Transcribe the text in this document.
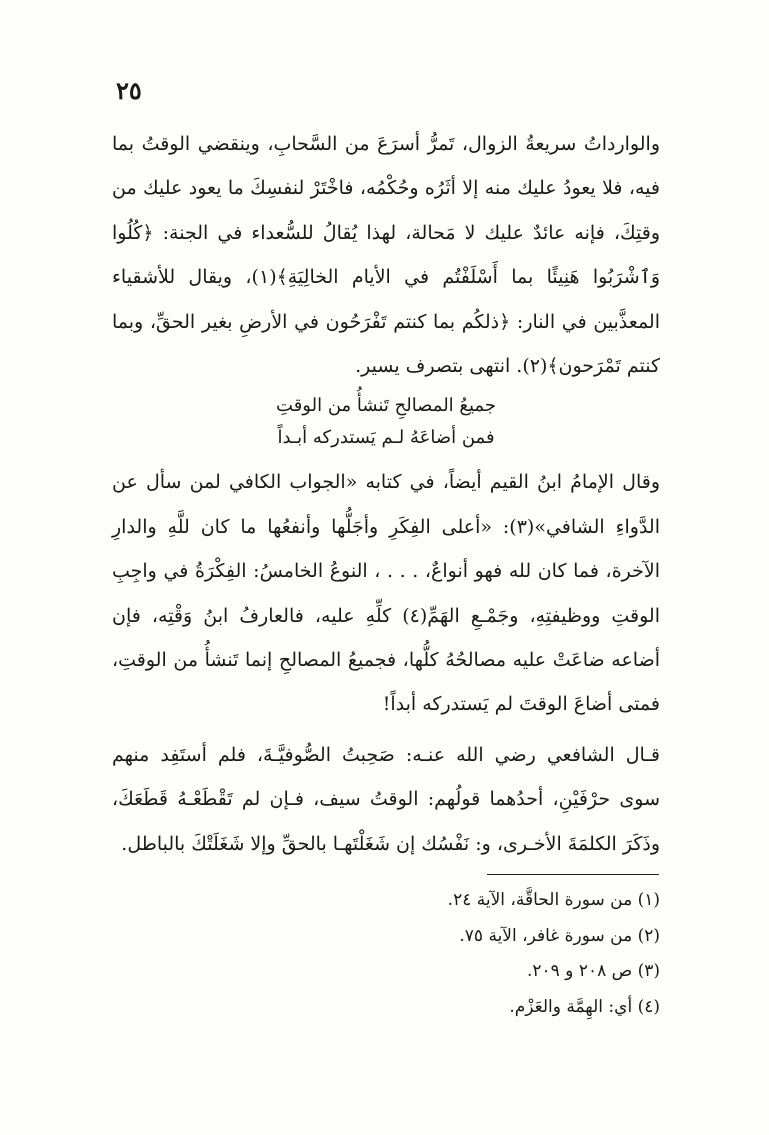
٢٥

والوارداتُ سريعةُ الزوال، تَمرُّ أسرَعَ من السَّحابِ، وينقضي الوقتُ بما فيه، فلا يعودُ عليك منه إلا أثَرُه وحُكْمُه، فاخْتَرْ لنفسِكَ ما يعود عليك من وقتِكَ، فإنه عائدٌ عليك لا مَحالة، لهذا يُقالُ للسُّعداء في الجنة: ﴿كُلُوا وَٱشْرَبُوا هَنِيئًا بما أَسْلَفْتُم في الأيام الخالِيَةِ﴾(١)، ويقال للأشقياء المعذَّبين في النار: ﴿ذلكُم بما كنتم تَفْرَحُون في الأرضِ بغير الحقِّ، وبما كنتم تَمْرَحون﴾(٢). انتهى بتصرف يسير.

جميعُ المصالحِ تَنشأُ من الوقتِ
فمن أضاعَهُ لـم يَستدركه أبـداً

وقال الإمامُ ابنُ القيم أيضاً، في كتابه «الجواب الكافي لمن سأل عن الدَّواءِ الشافي»(٣): «أعلى الفِكَرِ وأجَلُّها وأنفعُها ما كان للَّهِ والدارِ الآخرة، فما كان لله فهو أنواعٌ، . . . ، النوعُ الخامسُ: الفِكْرَةُ في واجِبِ الوقتِ ووظيفتِهِ، وجَمْـعِ الهَمِّ(٤) كلِّهِ عليه، فالعارفُ ابنُ وَقْتِه، فإن أضاعه ضاعَتْ عليه مصالحُهُ كلُّها، فجميعُ المصالحِ إنما تَنشأُ من الوقتِ، فمتى أضاعَ الوقتَ لم يَستدركه أبداً!

قـال الشافعي رضي الله عنـه: صَحِبتُ الصُّوفيَّـةَ، فلم أستَفِد منهم سوى حرْفَيْنِ، أحدُهما قولُهم: الوقتُ سيف، فـإن لم تَقْطَعْـهُ قَطَعَكَ، وذَكَرَ الكلمَةَ الأخـرى، و: نَفْسُك إن شَغَلْتَهـا بالحقِّ وإلا شَغَلَتْكَ بالباطل.

(١) من سورة الحاقَّة، الآية ٢٤.

(٢) من سورة غافر، الآية ٧٥.

(٣) ص ٢٠٨ و ٢٠٩.

(٤) أي: الهِمَّة والعَزْم.
